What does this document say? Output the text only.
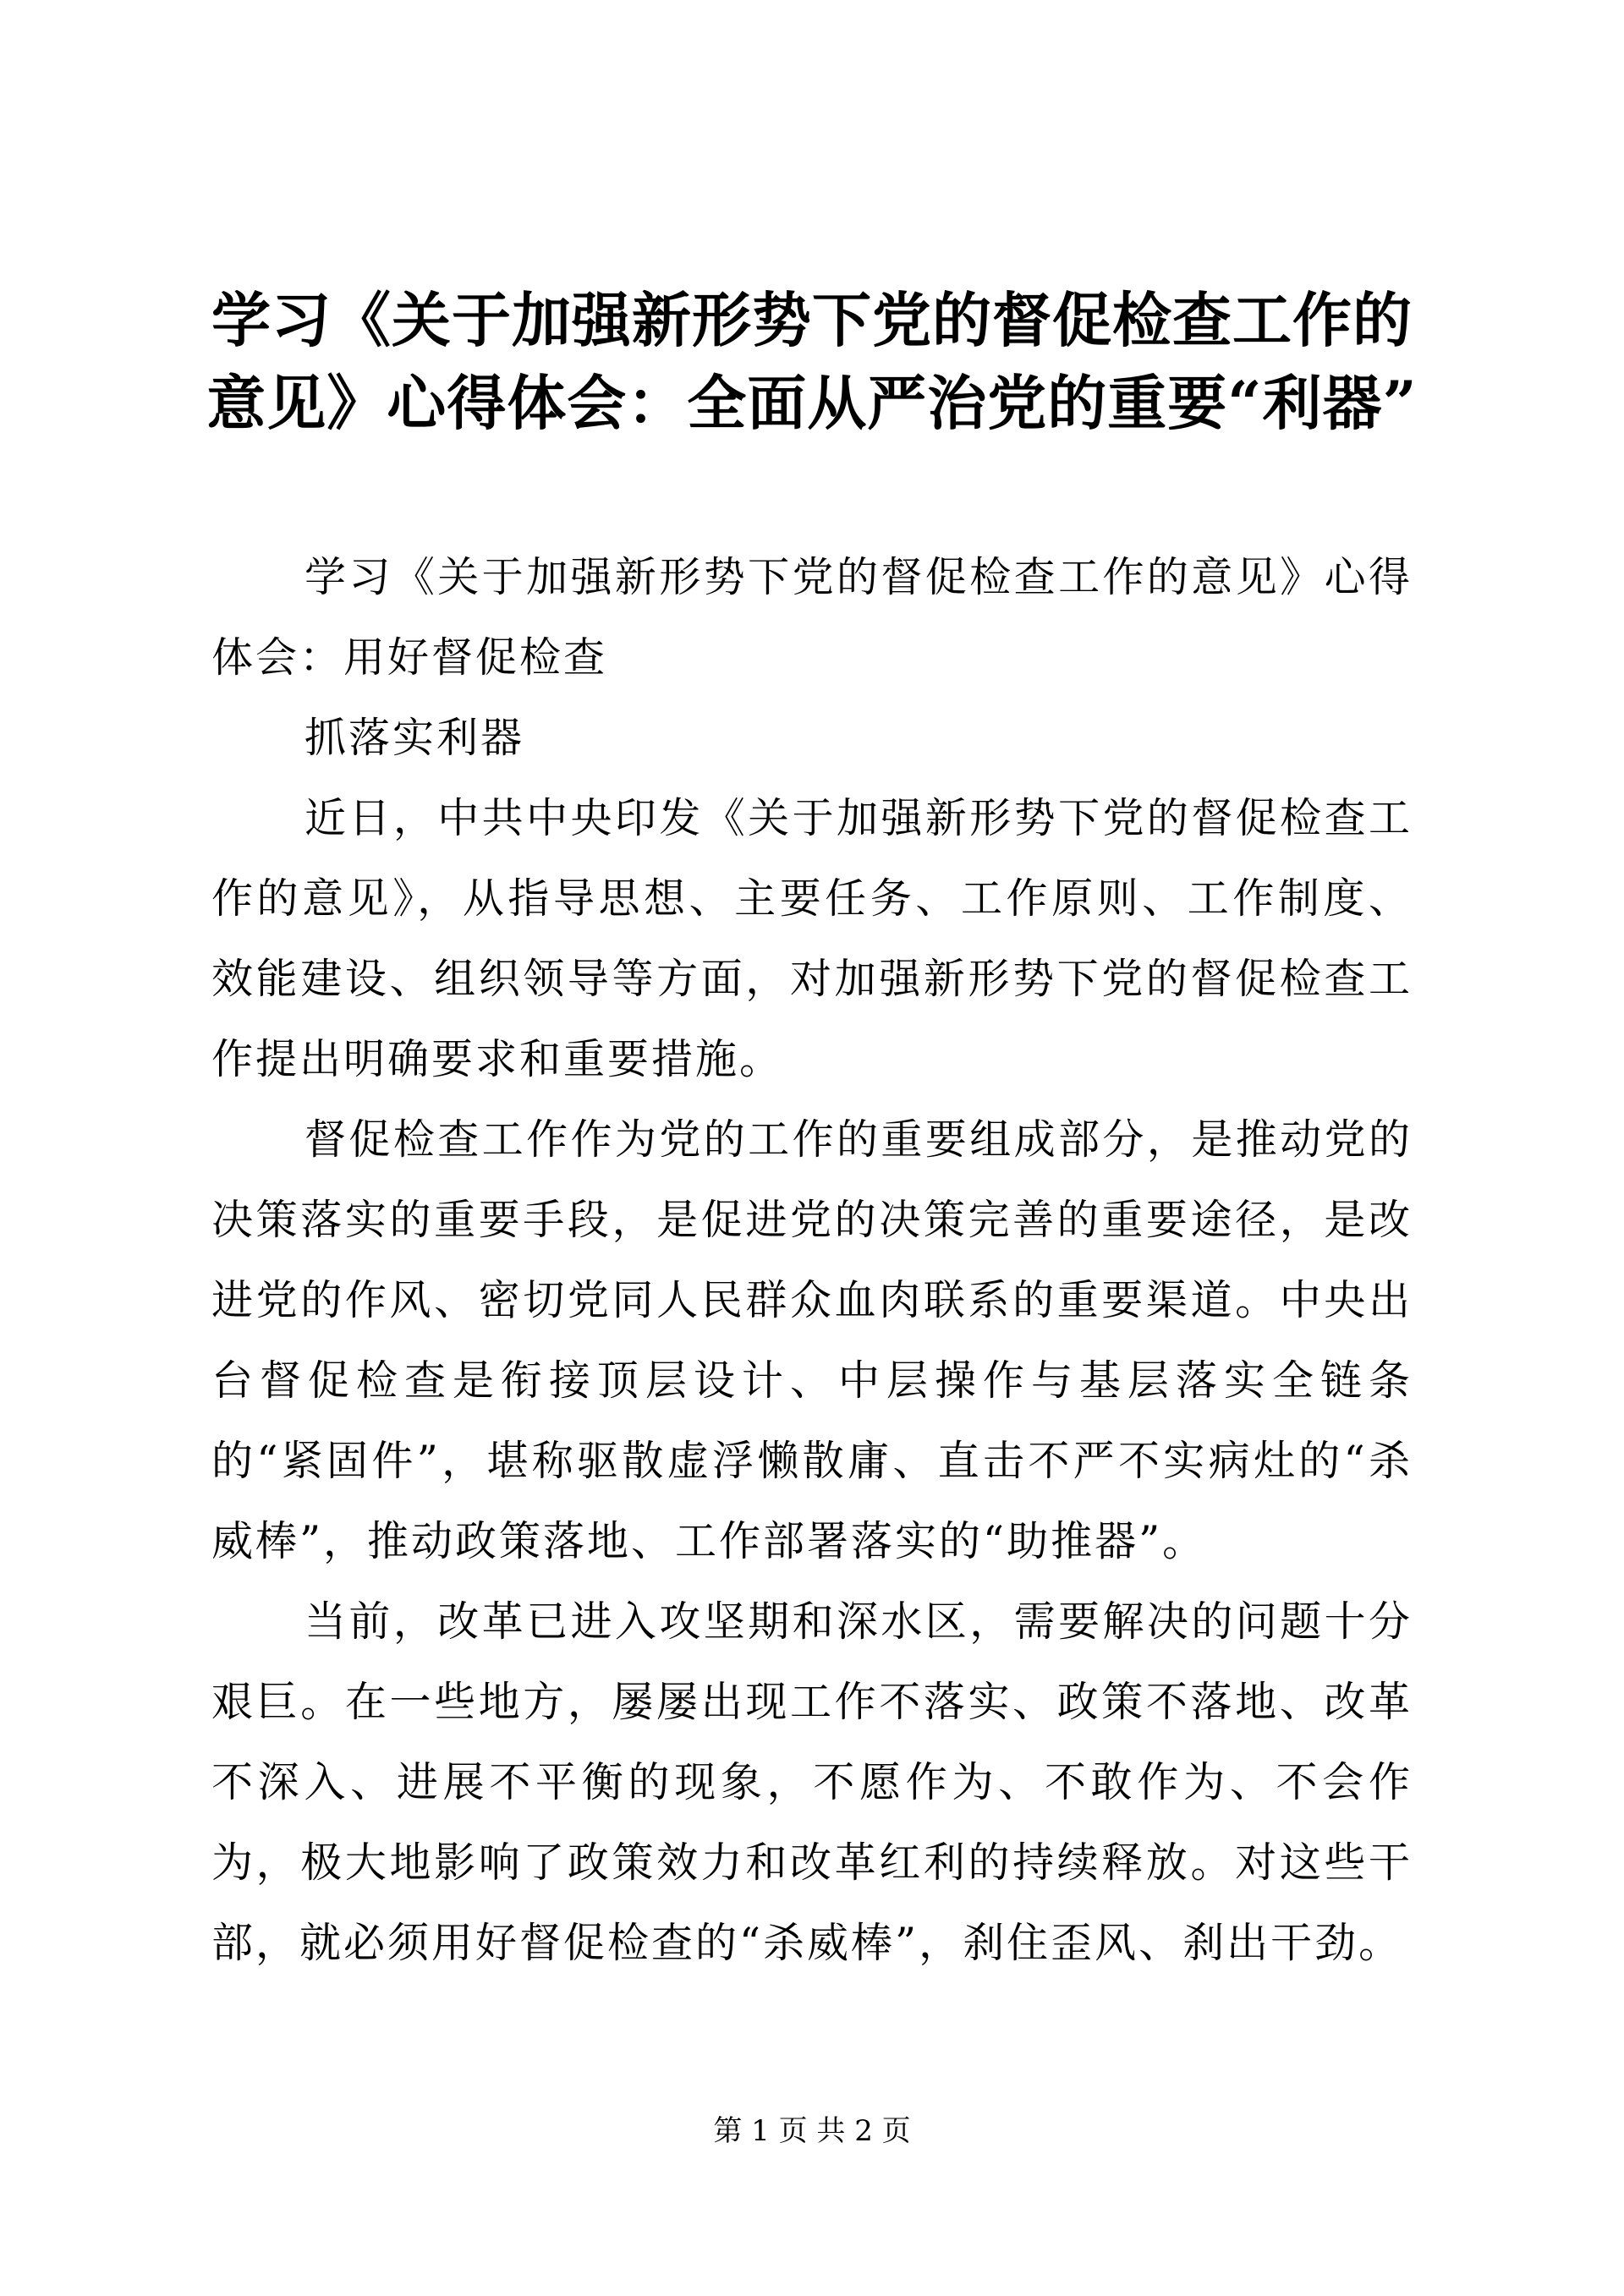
学习《关于加强新形势下党的督促检查工作的意见》心得体会：全面从严治党的重要“利器”

学习《关于加强新形势下党的督促检查工作的意见》心得体会：用好督促检查

抓落实利器

近日，中共中央印发《关于加强新形势下党的督促检查工作的意见》，从指导思想、主要任务、工作原则、工作制度、效能建设、组织领导等方面，对加强新形势下党的督促检查工作提出明确要求和重要措施。

督促检查工作作为党的工作的重要组成部分，是推动党的决策落实的重要手段，是促进党的决策完善的重要途径，是改进党的作风、密切党同人民群众血肉联系的重要渠道。中央出台督促检查是衔接顶层设计、中层操作与基层落实全链条的“紧固件”，堪称驱散虚浮懒散庸、直击不严不实病灶的“杀威棒”，推动政策落地、工作部署落实的“助推器”。

当前，改革已进入攻坚期和深水区，需要解决的问题十分艰巨。在一些地方，屡屡出现工作不落实、政策不落地、改革不深入、进展不平衡的现象，不愿作为、不敢作为、不会作为，极大地影响了政策效力和改革红利的持续释放。对这些干部，就必须用好督促检查的“杀威棒”，刹住歪风、刹出干劲。

第 1 页 共 2 页
